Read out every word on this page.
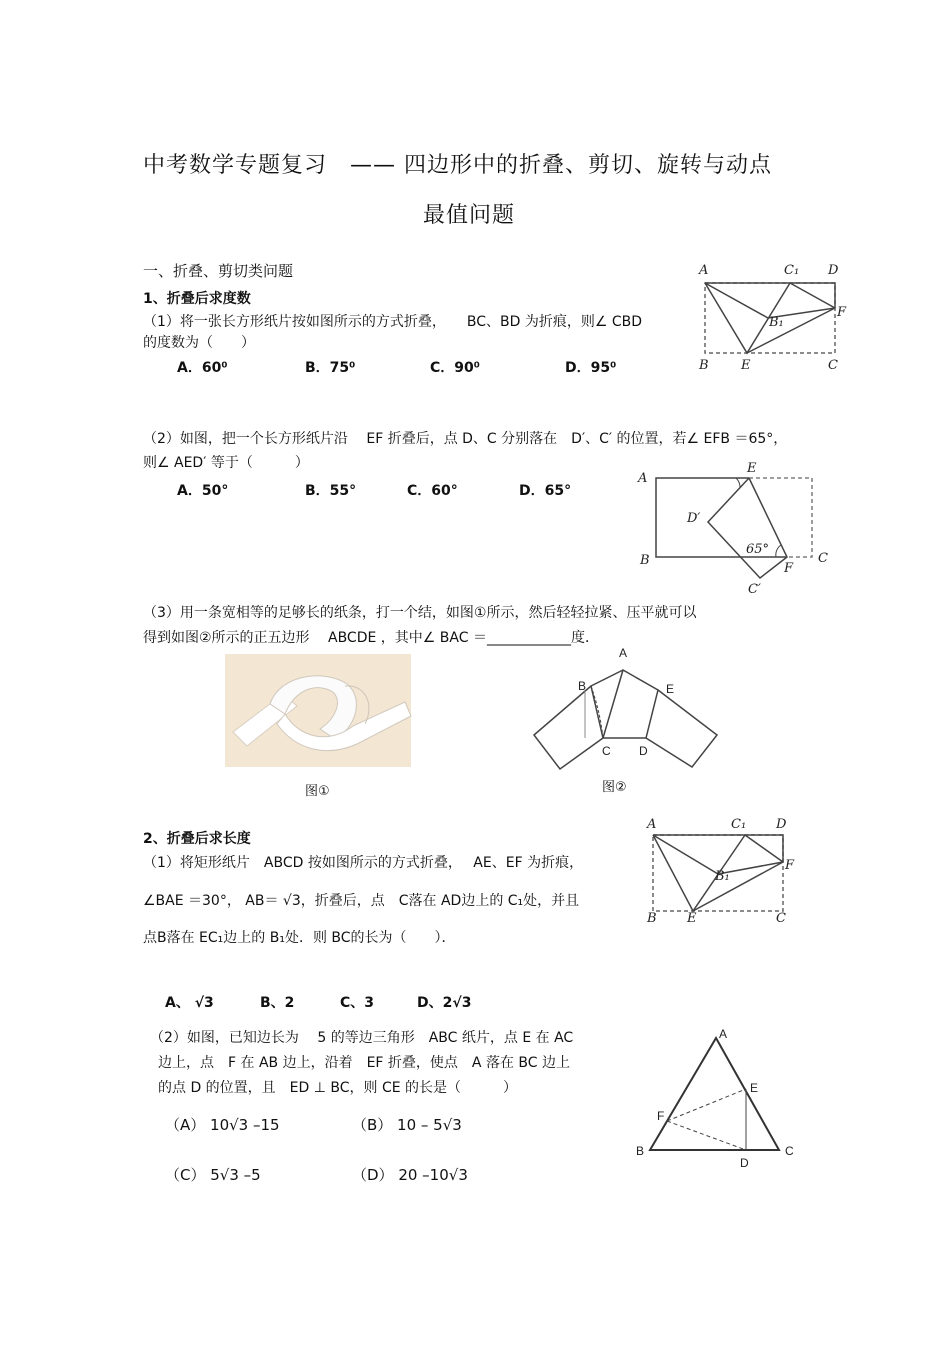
中考数学专题复习　—— 四边形中的折叠、剪切、旋转与动点
最值问题
一、折叠、剪切类问题
1、折叠后求度数
（1）将一张长方形纸片按如图所示的方式折叠，　　BC、BD 为折痕，则∠ CBD
的度数为（　　）
A．60⁰	B．75⁰	C．90⁰	D．95⁰
A	C₁ D
B₁
F
B E	C
（2）如图，把一个长方形纸片沿　 EF 折叠后，点 D、C 分别落在　D′、C′ 的位置，若∠ EFB ＝65°，
则∠ AED′ 等于（　　　）
A．50°	B．55°	C．60°	D．65°
A
E
D′
65°
B
C′
F
C
（3）用一条宽相等的足够长的纸条，打一个结，如图①所示，然后轻轻拉紧、压平就可以
得到如图②所示的正五边形　 ABCDE ，其中∠ BAC ＝____________度．
图①
A
B	E
C D
图②
2、折叠后求长度
（1）将矩形纸片　ABCD 按如图所示的方式折叠，　 AE、EF 为折痕，
∠BAE ＝30°， AB＝ √3，折叠后，点　C落在 AD边上的 C₁处，并且
点B落在 EC₁边上的 B₁处．则 BC的长为（　　）．
A、 √3	B、2	C、3	D、2√3
A	C₁ D
B₁
F
B E	C
（2）如图，已知边长为　 5 的等边三角形　ABC 纸片，点 E 在 AC
边上，点　F 在 AB 边上，沿着　EF 折叠，使点　A 落在 BC 边上
的点 D 的位置，且　ED ⊥ BC，则 CE 的长是（　　　）
（A） 10√3 –15	（B） 10 – 5√3
（C） 5√3 –5	（D） 20 –10√3
A
E
F
B
D
C
